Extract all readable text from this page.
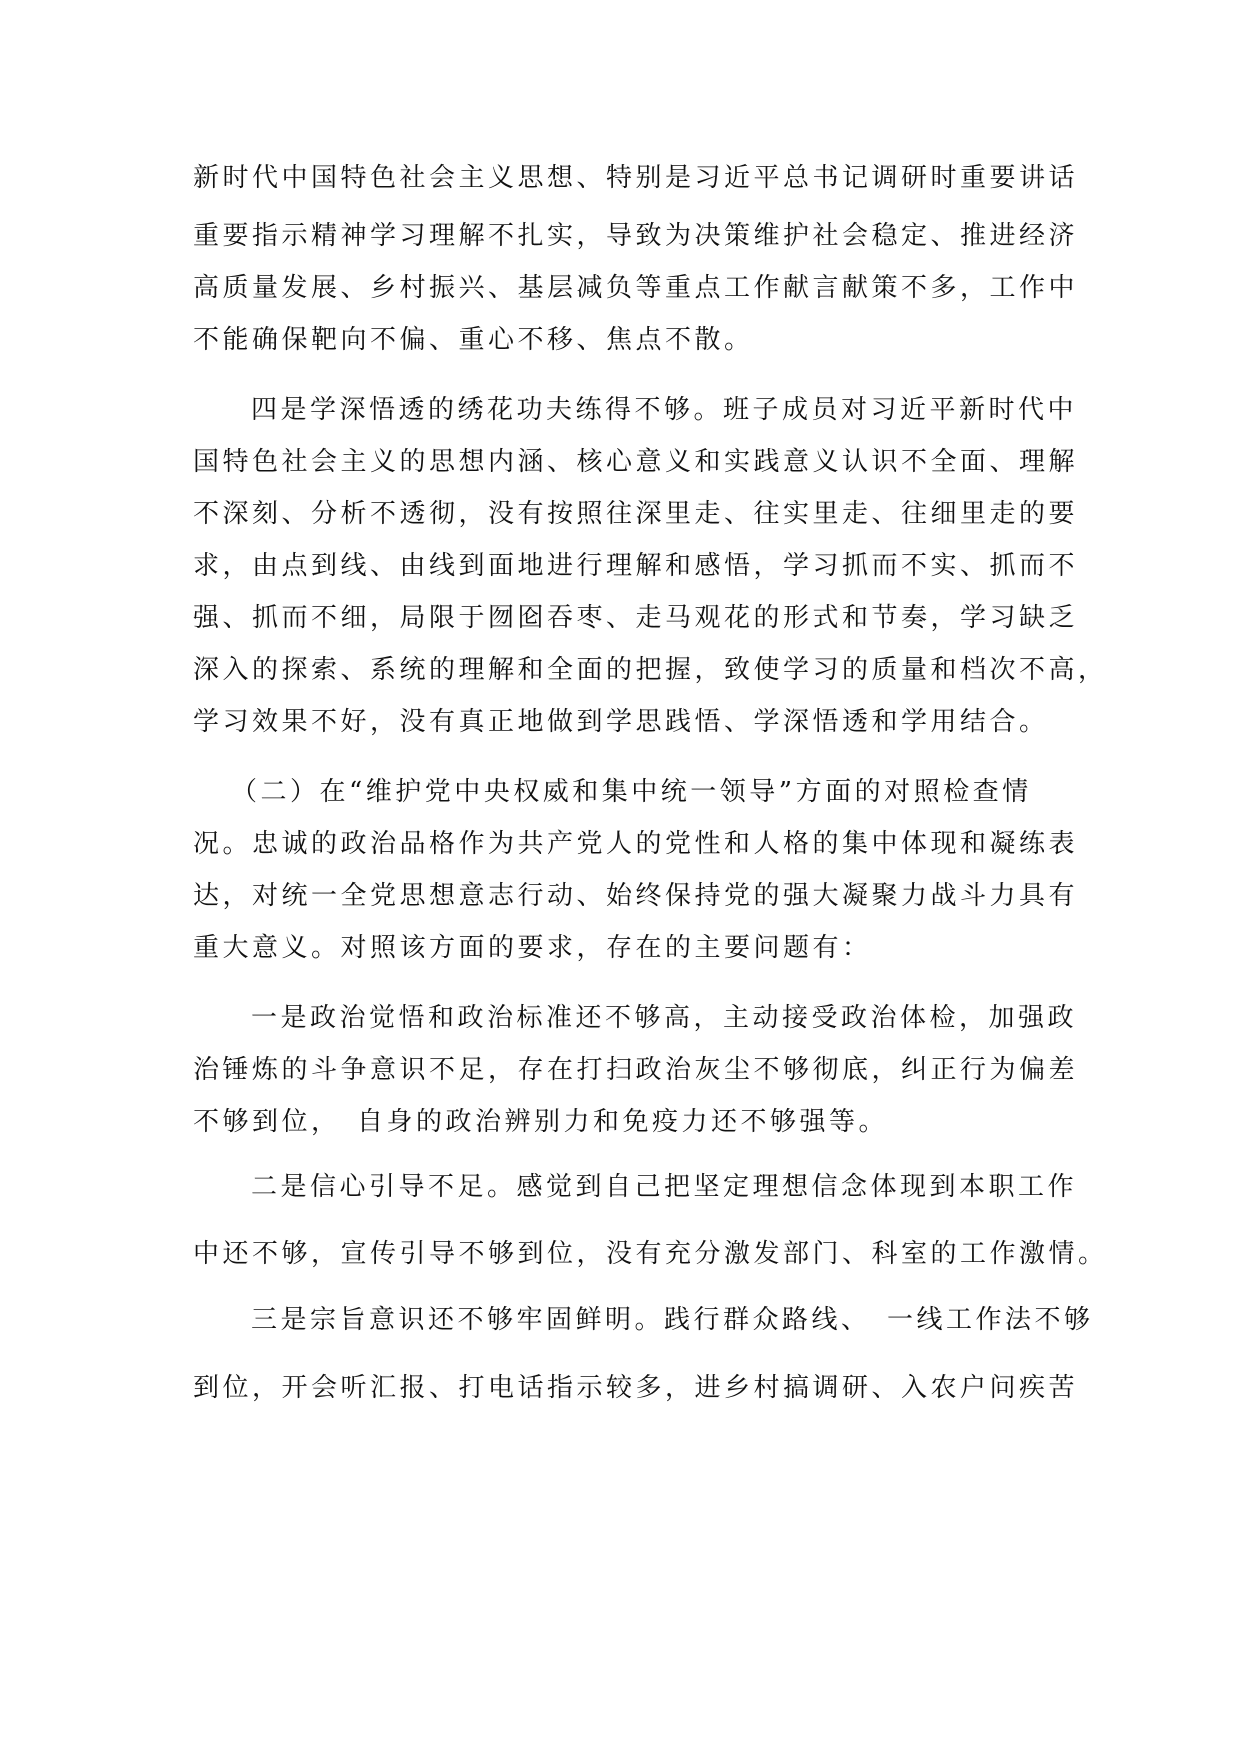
新时代中国特色社会主义思想、特别是习近平总书记调研时重要讲话
重要指示精神学习理解不扎实，导致为决策维护社会稳定、推进经济
高质量发展、乡村振兴、基层减负等重点工作献言献策不多，工作中
不能确保靶向不偏、重心不移、焦点不散。
四是学深悟透的绣花功夫练得不够。班子成员对习近平新时代中
国特色社会主义的思想内涵、核心意义和实践意义认识不全面、理解
不深刻、分析不透彻，没有按照往深里走、往实里走、往细里走的要
求，由点到线、由线到面地进行理解和感悟，学习抓而不实、抓而不
强、抓而不细，局限于囫囵吞枣、走马观花的形式和节奏，学习缺乏
深入的探索、系统的理解和全面的把握，致使学习的质量和档次不高，
学习效果不好，没有真正地做到学思践悟、学深悟透和学用结合。
（二）在“维护党中央权威和集中统一领导”方面的对照检查情
况。忠诚的政治品格作为共产党人的党性和人格的集中体现和凝练表
达，对统一全党思想意志行动、始终保持党的强大凝聚力战斗力具有
重大意义。对照该方面的要求，存在的主要问题有：
一是政治觉悟和政治标准还不够高，主动接受政治体检，加强政
治锤炼的斗争意识不足，存在打扫政治灰尘不够彻底，纠正行为偏差
不够到位，　自身的政治辨别力和免疫力还不够强等。
二是信心引导不足。感觉到自己把坚定理想信念体现到本职工作
中还不够，宣传引导不够到位，没有充分激发部门、科室的工作激情。
三是宗旨意识还不够牢固鲜明。践行群众路线、　一线工作法不够
到位，开会听汇报、打电话指示较多，进乡村搞调研、入农户问疾苦
